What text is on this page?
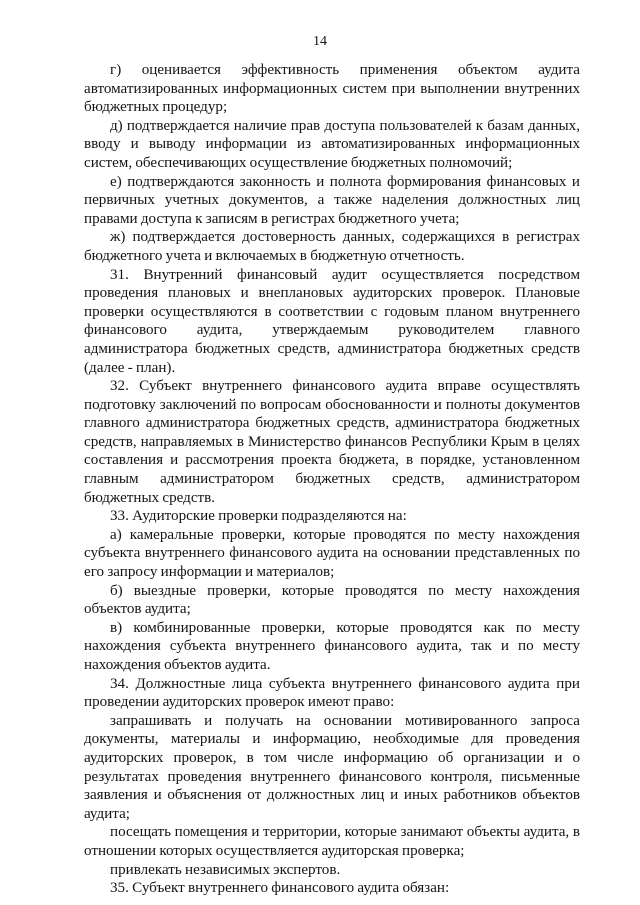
14

г) оценивается эффективность применения объектом аудита автоматизированных информационных систем при выполнении внутренних бюджетных процедур;

д) подтверждается наличие прав доступа пользователей к базам данных, вводу и выводу информации из автоматизированных информационных систем, обеспечивающих осуществление бюджетных полномочий;

е) подтверждаются законность и полнота формирования финансовых и первичных учетных документов, а также наделения должностных лиц правами доступа к записям в регистрах бюджетного учета;

ж) подтверждается достоверность данных, содержащихся в регистрах бюджетного учета и включаемых в бюджетную отчетность.

31. Внутренний финансовый аудит осуществляется посредством проведения плановых и внеплановых аудиторских проверок. Плановые проверки осуществляются в соответствии с годовым планом внутреннего финансового аудита, утверждаемым руководителем главного администратора бюджетных средств, администратора бюджетных средств (далее - план).

32. Субъект внутреннего финансового аудита вправе осуществлять подготовку заключений по вопросам обоснованности и полноты документов главного администратора бюджетных средств, администратора бюджетных средств, направляемых в Министерство финансов Республики Крым в целях составления и рассмотрения проекта бюджета, в порядке, установленном главным администратором бюджетных средств, администратором бюджетных средств.

33. Аудиторские проверки подразделяются на:

а) камеральные проверки, которые проводятся по месту нахождения субъекта внутреннего финансового аудита на основании представленных по его запросу информации и материалов;

б) выездные проверки, которые проводятся по месту нахождения объектов аудита;

в) комбинированные проверки, которые проводятся как по месту нахождения субъекта внутреннего финансового аудита, так и по месту нахождения объектов аудита.

34. Должностные лица субъекта внутреннего финансового аудита при проведении аудиторских проверок имеют право:

запрашивать и получать на основании мотивированного запроса документы, материалы и информацию, необходимые для проведения аудиторских проверок, в том числе информацию об организации и о результатах проведения внутреннего финансового контроля, письменные заявления и объяснения от должностных лиц и иных работников объектов аудита;

посещать помещения и территории, которые занимают объекты аудита, в отношении которых осуществляется аудиторская проверка;

привлекать независимых экспертов.

35. Субъект внутреннего финансового аудита обязан:
